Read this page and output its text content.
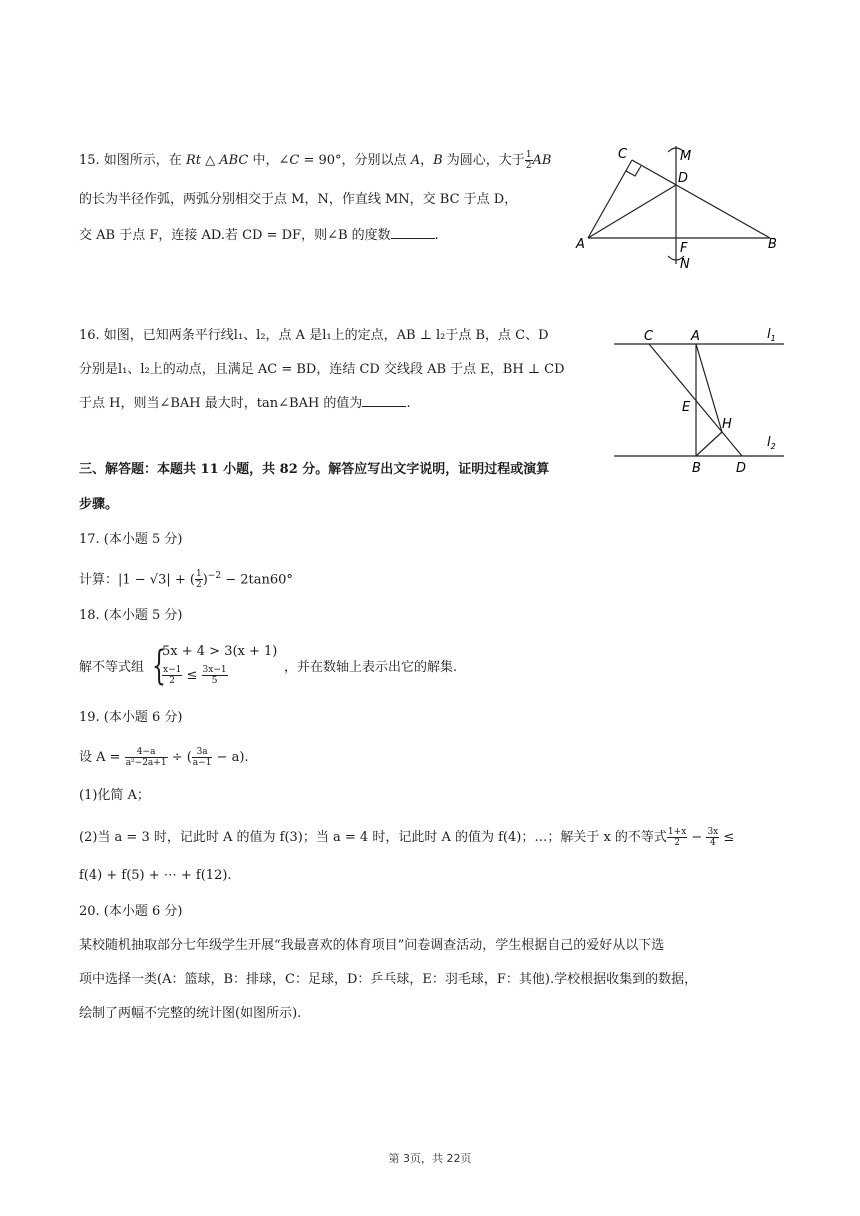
15. 如图所示，在 Rt △ ABC 中，∠C = 90°，分别以点 A，B 为圆心，大于 $\frac{1}{2}$ AB
的长为半径作弧，两弧分别相交于点 M，N，作直线 MN，交 BC 于点 D，
交 AB 于点 F，连接 AD.若 CD = DF，则∠B 的度数	.
C	M
D
A	B
F
N
16. 如图，已知两条平行线l₁、l₂，点 A 是l₁上的定点，AB ⊥ l₂于点 B，点 C、D
分别是l₁、l₂上的动点，且满足 AC = BD，连结 CD 交线段 AB 于点 E，BH ⊥ CD
于点 H，则当∠BAH 最大时，tan∠BAH 的值为	.
C	A	$l_1$
E
H
$l_2$
B	D
三、解答题：本题共 11 小题，共 82 分。解答应写出文字说明，证明过程或演算
步骤。
17. (本小题 5 分)
计算：|1 − √3| + ( $\frac{1}{2} )^{-2} - 2\tan 60^\circ$
18. (本小题 5 分)
解不等式组 {
5x + 4 > 3(x + 1)
$\frac{x-1}{2} \le \frac{3x-1}{5}$	，并在数轴上表示出它的解集.
19. (本小题 6 分)
设 $A = \frac{4-a}{\text{a²−2a+1}}$ ÷ ( $\frac{3a}{a-1} - a$).
(1)化简 A；
(2)当 a = 3 时，记此时 A 的值为 f(3)；当 a = 4 时，记此时 A 的值为 f(4)；…；解关于 x 的不等式 $\frac{1+x}{2} - \frac{3x}{4}$ ≤
f(4) + f(5) + ⋯ + f(12).
20. (本小题 6 分)
某校随机抽取部分七年级学生开展“我最喜欢的体育项目”问卷调查活动，学生根据自己的爱好从以下选
项中选择一类(A：篮球，B：排球，C：足球，D：乒乓球，E：羽毛球，F：其他).学校根据收集到的数据，
绘制了两幅不完整的统计图(如图所示).
第 3页，共 22页
